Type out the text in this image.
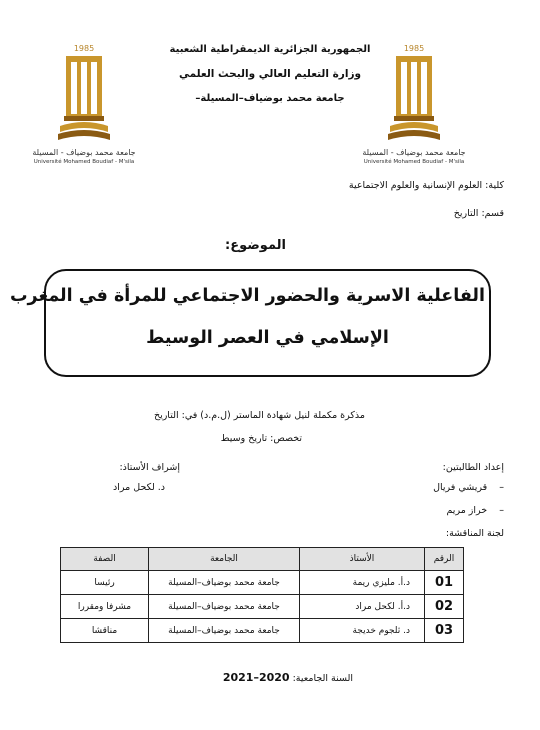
1985
جامعة محمد بوضياف - المسيلة
Université Mohamed Boudiaf - M'sila
1985
جامعة محمد بوضياف - المسيلة
Université Mohamed Boudiaf - M'sila
الجمهورية الجزائرية الديمقراطية الشعبية
وزارة التعليم العالي والبحث العلمي
جامعة محمد بوضياف–المسيلة–
كلية: العلوم الإنسانية والعلوم الاجتماعية
قسم: التاريخ
الموضوع:
الفاعلية الاسرية والحضور الاجتماعي للمرأة في المغرب
الإسلامي في العصر الوسيط
مذكرة مكملة لنيل شهادة الماستر (ل.م.د) في: التاريخ
تخصص: تاريخ وسيط
إعداد الطالبتين:
–    قريشي فريال
–    خراز مريم
إشراف الأستاذ:
د. لكحل مراد
لجنة المناقشة:
الرقم	الأستاذ	الجامعة	الصفة
01	د.أ. مليزي ريمة	جامعة محمد بوضياف–المسيلة	رئيسا
02	د.أ. لكحل مراد	جامعة محمد بوضياف–المسيلة	مشرفا ومقررا
03	د. ثلجوم خديجة	جامعة محمد بوضياف–المسيلة	مناقشا
السنة الجامعية: 2021–2020
